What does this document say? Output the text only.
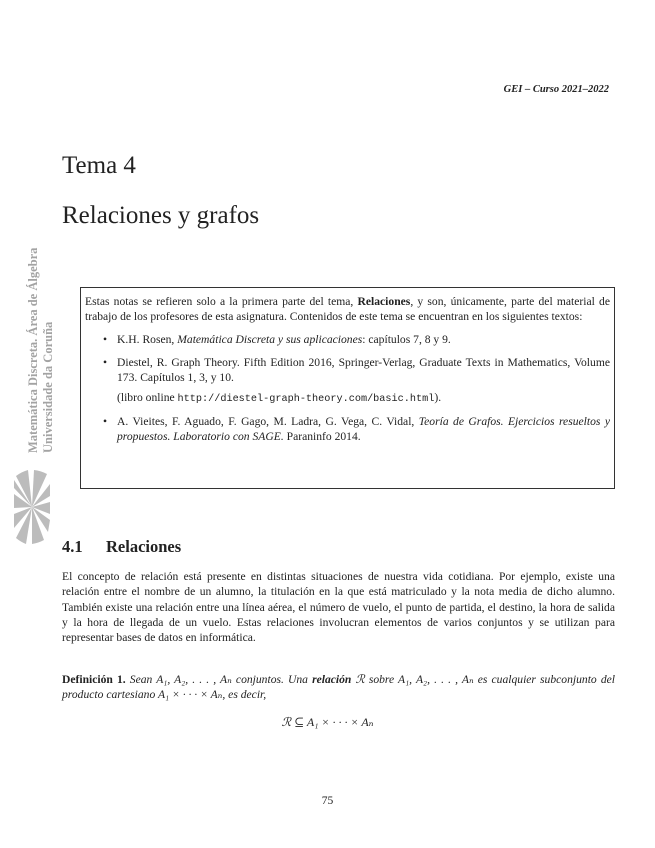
GEI – Curso 2021–2022
Tema 4
Relaciones y grafos
Matemática Discreta. Área de Álgebra Universidade da Coruña

Estas notas se refieren solo a la primera parte del tema, Relaciones, y son, únicamente, parte del material de trabajo de los profesores de esta asignatura. Contenidos de este tema se encuentran en los siguientes textos:

• K.H. Rosen, Matemática Discreta y sus aplicaciones: capítulos 7, 8 y 9.
• Diestel, R. Graph Theory. Fifth Edition 2016, Springer-Verlag, Graduate Texts in Mathematics, Volume 173. Capítulos 1, 3, y 10.
(libro online http://diestel-graph-theory.com/basic.html).
• A. Vieites, F. Aguado, F. Gago, M. Ladra, G. Vega, C. Vidal, Teoría de Grafos. Ejercicios resueltos y propuestos. Laboratorio con SAGE. Paraninfo 2014.
4.1 Relaciones

El concepto de relación está presente en distintas situaciones de nuestra vida cotidiana. Por ejemplo, existe una relación entre el nombre de un alumno, la titulación en la que está matriculado y la nota media de dicho alumno. También existe una relación entre una línea aérea, el número de vuelo, el punto de partida, el destino, la hora de salida y la hora de llegada de un vuelo. Estas relaciones involucran elementos de varios conjuntos y se utilizan para representar bases de datos en informática.

Definición 1. Sean A₁, A₂, . . . , Aₙ conjuntos. Una relación ℛ sobre A₁, A₂, . . . , Aₙ es cualquier subconjunto del producto cartesiano A₁ × · · · × Aₙ, es decir,

ℛ ⊆ A₁ × · · · × Aₙ
75
